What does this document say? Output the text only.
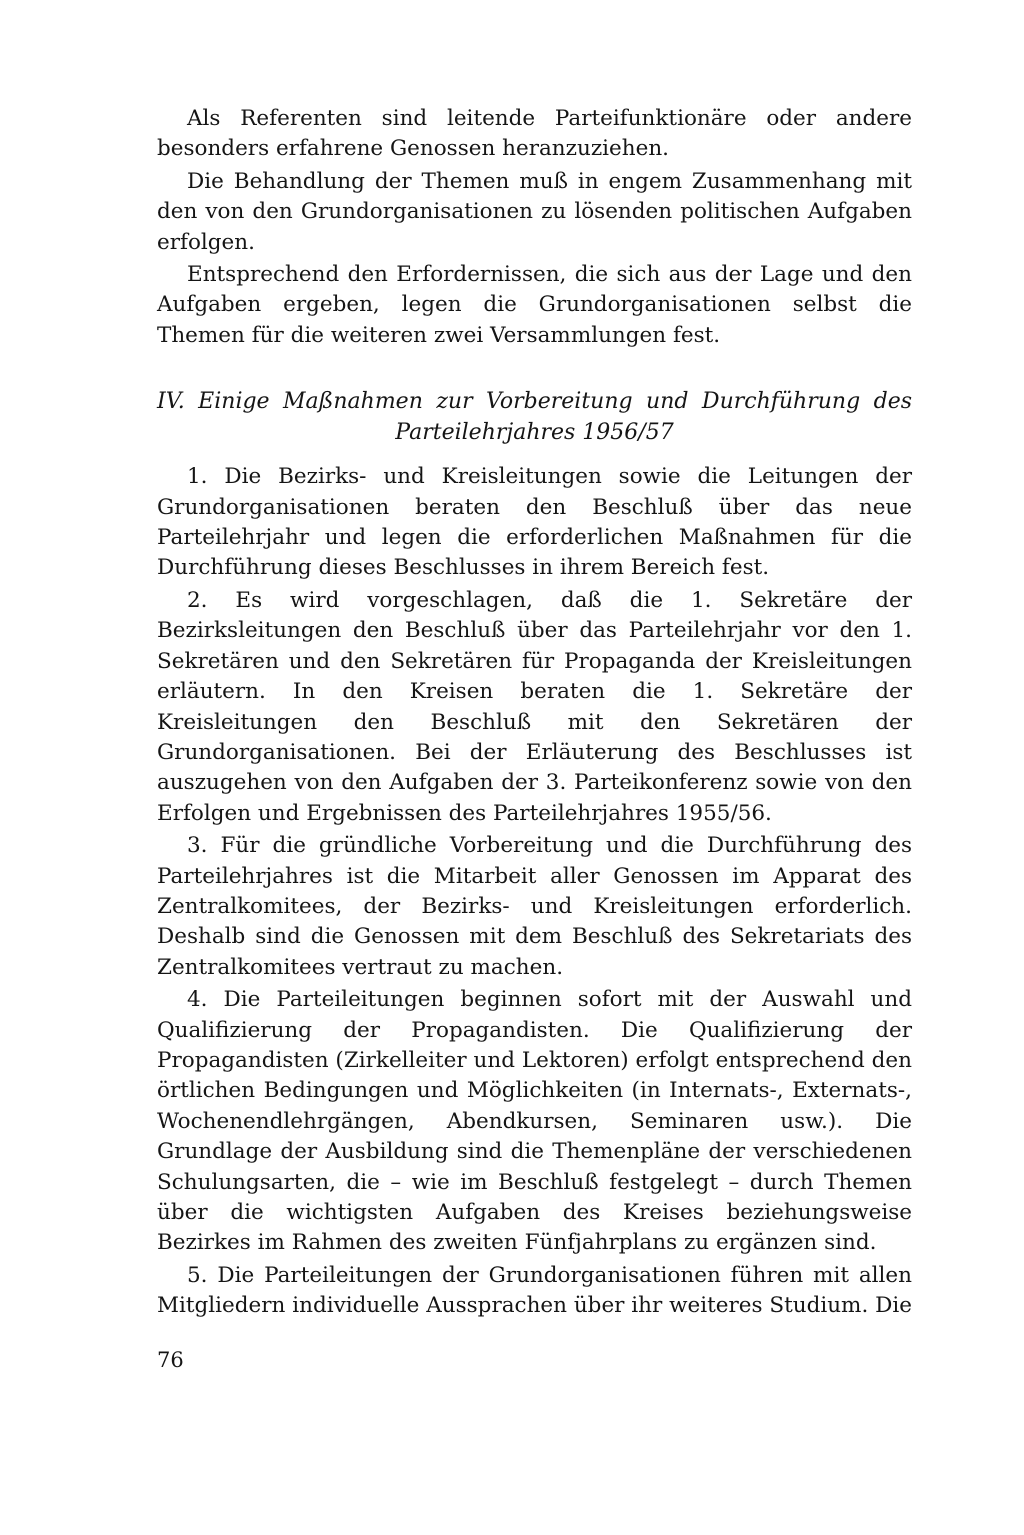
Als Referenten sind leitende Parteifunktionäre oder andere besonders erfahrene Genossen heranzuziehen.

Die Behandlung der Themen muß in engem Zusammenhang mit den von den Grundorganisationen zu lösenden politischen Aufgaben erfolgen.

Entsprechend den Erfordernissen, die sich aus der Lage und den Aufgaben ergeben, legen die Grundorganisationen selbst die Themen für die weiteren zwei Versammlungen fest.

IV. Einige Maßnahmen zur Vorbereitung und Durchführung des
Parteilehrjahres 1956/57

1. Die Bezirks- und Kreisleitungen sowie die Leitungen der Grundorganisationen beraten den Beschluß über das neue Parteilehrjahr und legen die erforderlichen Maßnahmen für die Durchführung dieses Beschlusses in ihrem Bereich fest.

2. Es wird vorgeschlagen, daß die 1. Sekretäre der Bezirksleitungen den Beschluß über das Parteilehrjahr vor den 1. Sekretären und den Sekretären für Propaganda der Kreisleitungen erläutern. In den Kreisen beraten die 1. Sekretäre der Kreisleitungen den Beschluß mit den Sekretären der Grundorganisationen. Bei der Erläuterung des Beschlusses ist auszugehen von den Aufgaben der 3. Parteikonferenz sowie von den Erfolgen und Ergebnissen des Parteilehrjahres 1955/56.

3. Für die gründliche Vorbereitung und die Durchführung des Parteilehrjahres ist die Mitarbeit aller Genossen im Apparat des Zentralkomitees, der Bezirks- und Kreisleitungen erforderlich. Deshalb sind die Genossen mit dem Beschluß des Sekretariats des Zentralkomitees vertraut zu machen.

4. Die Parteileitungen beginnen sofort mit der Auswahl und Qualifizierung der Propagandisten. Die Qualifizierung der Propagandisten (Zirkelleiter und Lektoren) erfolgt entsprechend den örtlichen Bedingungen und Möglichkeiten (in Internats-, Externats-, Wochenendlehrgängen, Abendkursen, Seminaren usw.). Die Grundlage der Ausbildung sind die Themenpläne der verschiedenen Schulungsarten, die – wie im Beschluß festgelegt – durch Themen über die wichtigsten Aufgaben des Kreises beziehungsweise Bezirkes im Rahmen des zweiten Fünfjahrplans zu ergänzen sind.

5. Die Parteileitungen der Grundorganisationen führen mit allen Mitgliedern individuelle Aussprachen über ihr weiteres Studium. Die

76
